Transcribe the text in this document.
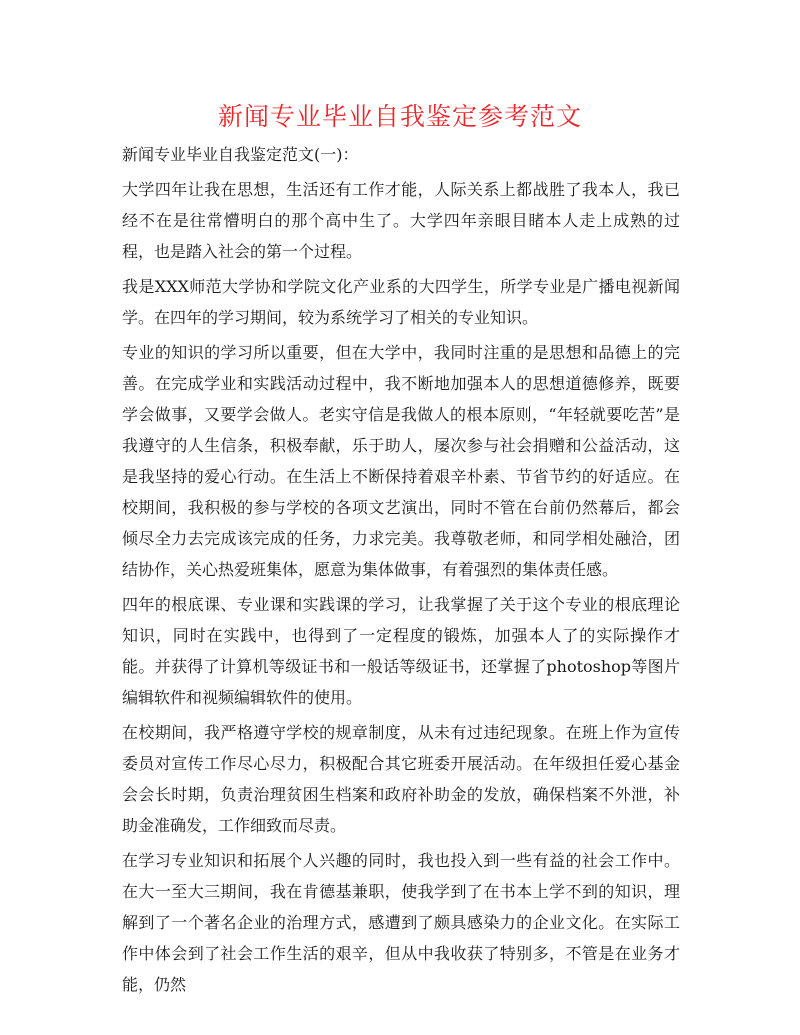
新闻专业毕业自我鉴定参考范文

新闻专业毕业自我鉴定范文(一)：

大学四年让我在思想，生活还有工作才能，人际关系上都战胜了我本人，我已经不在是往常懵明白的那个高中生了。大学四年亲眼目睹本人走上成熟的过程，也是踏入社会的第一个过程。

我是XXX师范大学协和学院文化产业系的大四学生，所学专业是广播电视新闻学。在四年的学习期间，较为系统学习了相关的专业知识。

专业的知识的学习所以重要，但在大学中，我同时注重的是思想和品德上的完善。在完成学业和实践活动过程中，我不断地加强本人的思想道德修养，既要学会做事，又要学会做人。老实守信是我做人的根本原则，“年轻就要吃苦”是我遵守的人生信条，积极奉献，乐于助人，屡次参与社会捐赠和公益活动，这是我坚持的爱心行动。在生活上不断保持着艰辛朴素、节省节约的好适应。在校期间，我积极的参与学校的各项文艺演出，同时不管在台前仍然幕后，都会倾尽全力去完成该完成的任务，力求完美。我尊敬老师，和同学相处融洽，团结协作，关心热爱班集体，愿意为集体做事，有着强烈的集体责任感。

四年的根底课、专业课和实践课的学习，让我掌握了关于这个专业的根底理论知识，同时在实践中，也得到了一定程度的锻炼，加强本人了的实际操作才能。并获得了计算机等级证书和一般话等级证书，还掌握了photoshop等图片编辑软件和视频编辑软件的使用。

在校期间，我严格遵守学校的规章制度，从未有过违纪现象。在班上作为宣传委员对宣传工作尽心尽力，积极配合其它班委开展活动。在年级担任爱心基金会会长时期，负责治理贫困生档案和政府补助金的发放，确保档案不外泄，补助金准确发，工作细致而尽责。

在学习专业知识和拓展个人兴趣的同时，我也投入到一些有益的社会工作中。在大一至大三期间，我在肯德基兼职，使我学到了在书本上学不到的知识，理解到了一个著名企业的治理方式，感遭到了颇具感染力的企业文化。在实际工作中体会到了社会工作生活的艰辛，但从中我收获了特别多，不管是在业务才能，仍然
